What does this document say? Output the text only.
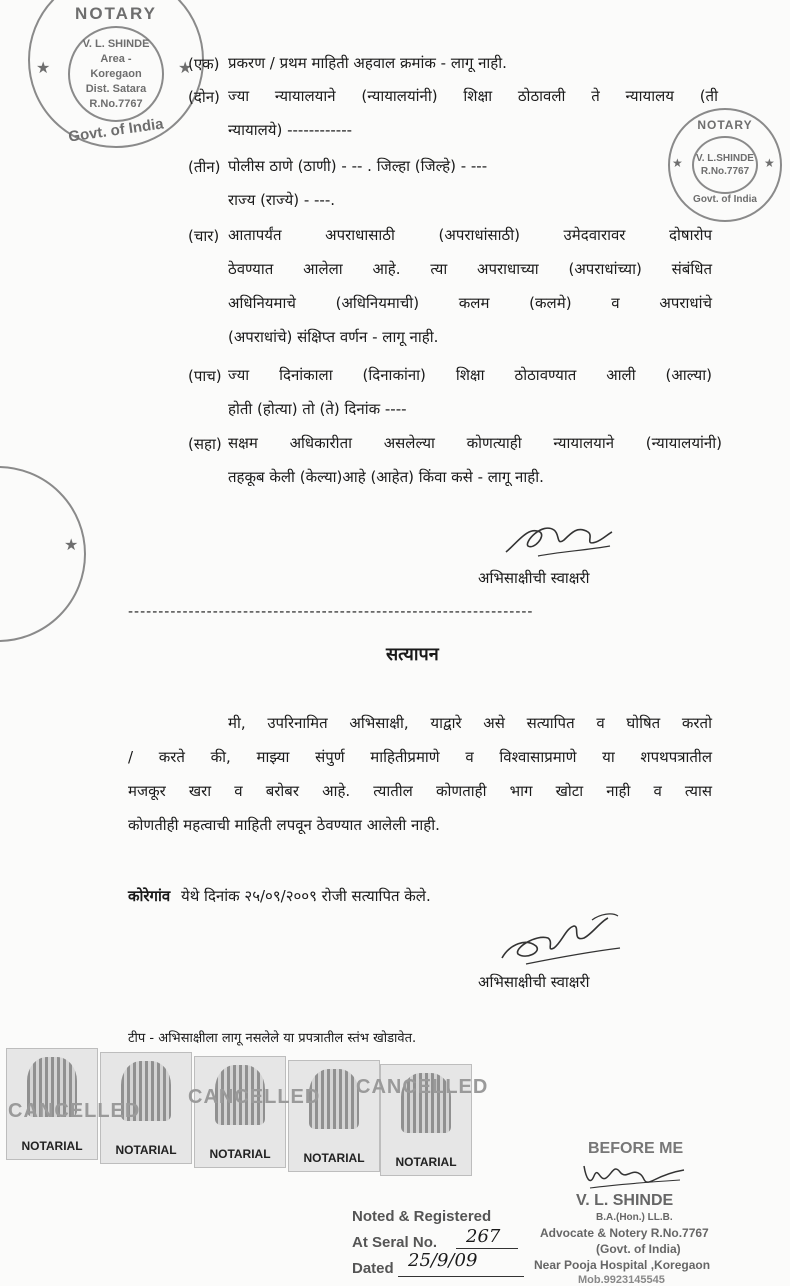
NOTARY
V. L. SHINDE
Area -
Koregaon
Dist. Satara
R.No.7767
★	★
Govt. of India	NOTARY
V. L.SHINDE
R.No.7767
★	★
Govt. of India
★
(एक) प्रकरण / प्रथम माहिती अहवाल क्रमांक - लागू नाही.
(दोन) ज्या न्यायालयाने (न्यायालयांनी) शिक्षा ठोठावली ते न्यायालय (ती
न्यायालये) ------------
(तीन) पोलीस ठाणे (ठाणी) - -- . जिल्हा (जिल्हे) - ---
राज्य (राज्ये) - ---.
(चार) आतापर्यंत अपराधासाठी (अपराधांसाठी) उमेदवारावर दोषारोप
ठेवण्यात आलेला आहे. त्या अपराधाच्या (अपराधांच्या) संबंधित
अधिनियमाचे (अधिनियमाची) कलम (कलमे) व अपराधांचे
(अपराधांचे) संक्षिप्त वर्णन - लागू नाही.
(पाच) ज्या दिनांकाला (दिनाकांना) शिक्षा ठोठावण्यात आली (आल्या)
होती (होत्या) तो (ते) दिनांक ----
(सहा) सक्षम अधिकारीता असलेल्या कोणत्याही न्यायालयाने (न्यायालयांनी)
तहकूब केली (केल्या)आहे (आहेत) किंवा कसे - लागू नाही.
अभिसाक्षीची स्वाक्षरी
-------------------------------------------------------------------
सत्यापन
मी, उपरिनामित अभिसाक्षी, याद्वारे असे सत्यापित व घोषित करतो
/ करते की, माझ्या संपुर्ण माहितीप्रमाणे व विश्वासाप्रमाणे या शपथपत्रातील
मजकूर खरा व बरोबर आहे. त्यातील कोणताही भाग खोटा नाही व त्यास
कोणतीही महत्वाची माहिती लपवून ठेवण्यात आलेली नाही.
कोरेगांव येथे दिनांक २५/०९/२००९ रोजी सत्यापित केले.
अभिसाक्षीची स्वाक्षरी
टीप - अभिसाक्षीला लागू नसलेले या प्रपत्रातील स्तंभ खोडावेत.
NOTARIAL	NOTARIAL	NOTARIAL	NOTARIAL	NOTARIAL
CANCELLED
CANCELLED CANCELLED
Noted & Registered
At Seral No. 267
Dated 25/9/09
BEFORE ME
V. L. SHINDE
B.A.(Hon.) LL.B.
Advocate & Notery R.No.7767
(Govt. of India)
Near Pooja Hospital ,Koregaon
Mob.9923145545
